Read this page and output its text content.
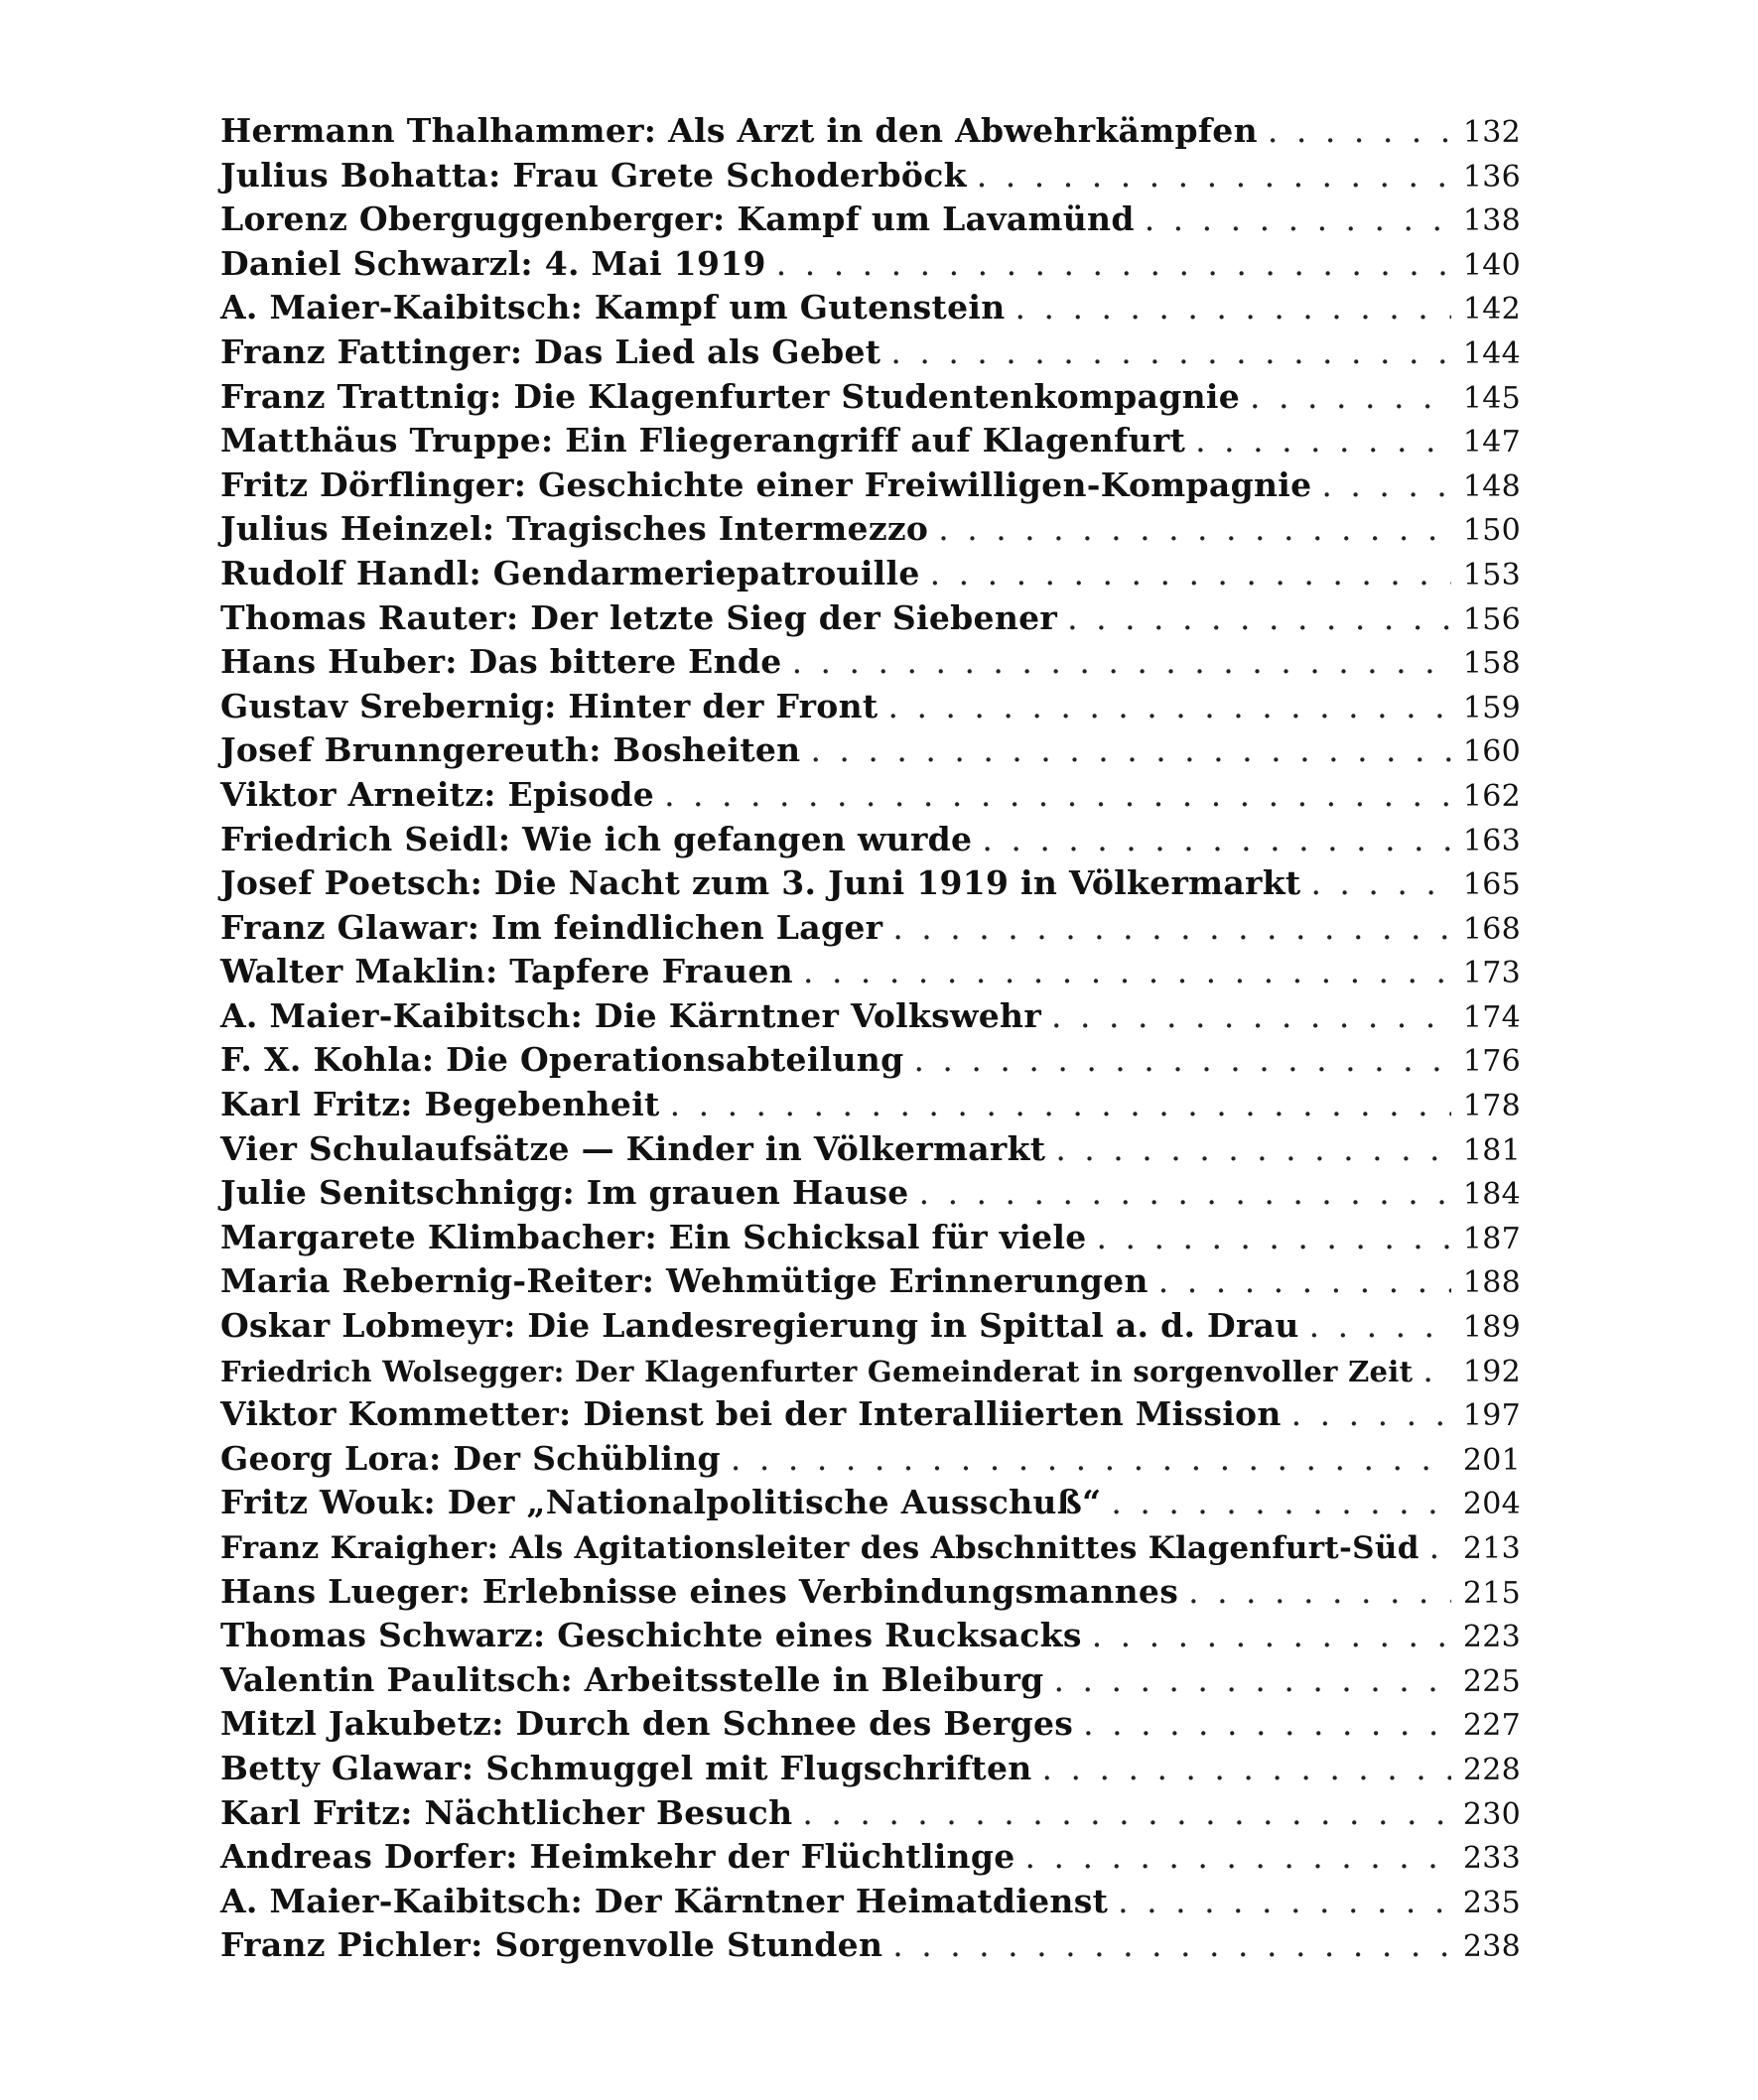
Hermann Thalhammer: Als Arzt in den Abwehrkämpfen . . .	132
Julius Bohatta: Frau Grete Schoderböck . . .	136
Lorenz Oberguggenberger: Kampf um Lavamünd . . .	138
Daniel Schwarzl: 4. Mai 1919 . . .	140
A. Maier-Kaibitsch: Kampf um Gutenstein . . .	142
Franz Fattinger: Das Lied als Gebet . . .	144
Franz Trattnig: Die Klagenfurter Studentenkompagnie . . .	145
Matthäus Truppe: Ein Fliegerangriff auf Klagenfurt . . .	147
Fritz Dörflinger: Geschichte einer Freiwilligen-Kompagnie . . .	148
Julius Heinzel: Tragisches Intermezzo . . .	150
Rudolf Handl: Gendarmeriepatrouille . . .	153
Thomas Rauter: Der letzte Sieg der Siebener . . .	156
Hans Huber: Das bittere Ende . . .	158
Gustav Srebernig: Hinter der Front . . .	159
Josef Brunngereuth: Bosheiten . . .	160
Viktor Arneitz: Episode . . .	162
Friedrich Seidl: Wie ich gefangen wurde . . .	163
Josef Poetsch: Die Nacht zum 3. Juni 1919 in Völkermarkt . . .	165
Franz Glawar: Im feindlichen Lager . . .	168
Walter Maklin: Tapfere Frauen . . .	173
A. Maier-Kaibitsch: Die Kärntner Volkswehr . . .	174
F. X. Kohla: Die Operationsabteilung . . .	176
Karl Fritz: Begebenheit . . .	178
Vier Schulaufsätze — Kinder in Völkermarkt . . .	181
Julie Senitschnigg: Im grauen Hause . . .	184
Margarete Klimbacher: Ein Schicksal für viele . . .	187
Maria Rebernig-Reiter: Wehmütige Erinnerungen . . .	188
Oskar Lobmeyr: Die Landesregierung in Spittal a. d. Drau . . .	189
Friedrich Wolsegger: Der Klagenfurter Gemeinderat in sorgenvoller Zeit . . .	192
Viktor Kommetter: Dienst bei der Interalliierten Mission . . .	197
Georg Lora: Der Schübling . . .	201
Fritz Wouk: Der „Nationalpolitische Ausschuß“ . . .	204
Franz Kraigher: Als Agitationsleiter des Abschnittes Klagenfurt-Süd . . .	213
Hans Lueger: Erlebnisse eines Verbindungsmannes . . .	215
Thomas Schwarz: Geschichte eines Rucksacks . . .	223
Valentin Paulitsch: Arbeitsstelle in Bleiburg . . .	225
Mitzl Jakubetz: Durch den Schnee des Berges . . .	227
Betty Glawar: Schmuggel mit Flugschriften . . .	228
Karl Fritz: Nächtlicher Besuch . . .	230
Andreas Dorfer: Heimkehr der Flüchtlinge . . .	233
A. Maier-Kaibitsch: Der Kärntner Heimatdienst . . .	235
Franz Pichler: Sorgenvolle Stunden . . .	238
